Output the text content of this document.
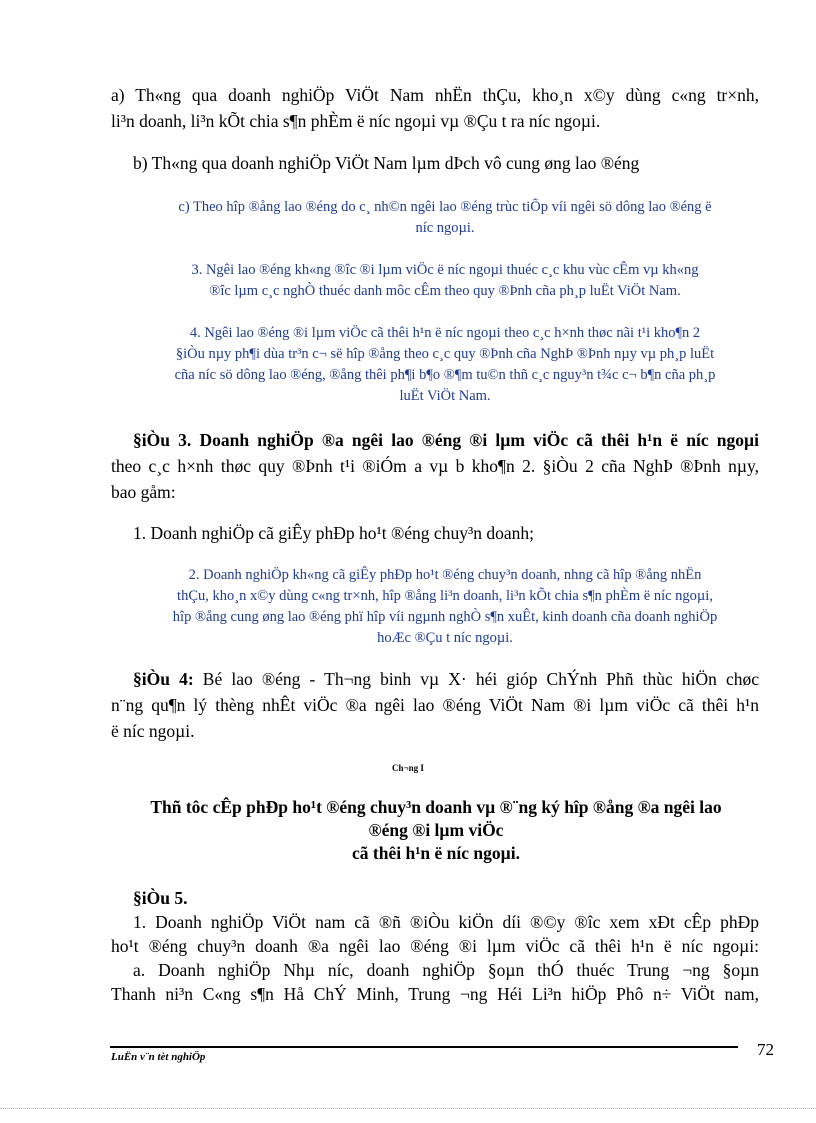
a) Th«ng qua doanh nghiÖp ViÖt Nam nhËn thÇu, kho¸n x©y dùng c«ng tr×nh,

li³n doanh, li³n kÕt chia s¶n phÈm ë níc ngoµi vµ ®Çu t ra níc ngoµi.

b) Th«ng qua doanh nghiÖp ViÖt Nam lµm dÞch vô cung øng lao ®éng

c) Theo hîp ®ång lao ®éng do c¸ nh©n ngêi lao ®éng trùc tiÕp víi ngêi sö dông lao ®éng ë

níc ngoµi.

3. Ngêi lao ®éng kh«ng ®îc ®i lµm viÖc ë níc ngoµi thuéc c¸c khu vùc cÊm vµ kh«ng

®îc lµm c¸c nghÒ thuéc danh môc cÊm theo quy ®Þnh cña ph¸p luËt ViÖt Nam.

4. Ngêi lao ®éng ®i lµm viÖc cã thêi h¹n ë níc ngoµi theo c¸c h×nh thøc nãi t¹i kho¶n 2

§iÒu nµy ph¶i dùa tr³n c¬ së hîp ®ång theo c¸c quy ®Þnh cña NghÞ ®Þnh nµy vµ ph¸p luËt

cña níc sö dông lao ®éng, ®ång thêi ph¶i b¶o ®¶m tu©n thñ c¸c nguy³n t¾c c¬ b¶n cña ph¸p

luËt ViÖt Nam.

§iÒu 3. Doanh nghiÖp ®a ngêi lao ®éng ®i lµm viÖc cã thêi h¹n ë níc ngoµi

theo c¸c h×nh thøc quy ®Þnh t¹i ®iÓm a vµ b kho¶n 2. §iÒu 2 cña NghÞ ®Þnh nµy,

bao gåm:

1. Doanh nghiÖp cã giÊy phÐp ho¹t ®éng chuy³n doanh;

2. Doanh nghiÖp kh«ng cã giÊy phÐp ho¹t ®éng chuy³n doanh, nhng cã hîp ®ång nhËn

thÇu, kho¸n x©y dùng c«ng tr×nh, hîp ®ång li³n doanh, li³n kÕt chia s¶n phÈm ë níc ngoµi,

hîp ®ång cung øng lao ®éng phï hîp víi ngµnh nghÒ s¶n xuÊt, kinh doanh cña doanh nghiÖp

hoÆc ®Çu t níc ngoµi.

§iÒu 4: Bé lao ®éng - Th¬ng binh vµ X· héi gióp ChÝnh Phñ thùc hiÖn chøc

n¨ng qu¶n lý thèng nhÊt viÖc ®a ngêi lao ®éng ViÖt Nam ®i lµm viÖc cã thêi h¹n

ë níc ngoµi.

Ch¬ng I
Thñ tôc cÊp phÐp ho¹t ®éng chuy³n doanh vµ ®¨ng ký hîp ®ång ®a ngêi lao
®éng ®i lµm viÖc
cã thêi h¹n ë níc ngoµi.

§iÒu 5.

1. Doanh nghiÖp ViÖt nam cã ®ñ ®iÒu kiÖn díi ®©y ®îc xem xÐt cÊp phÐp

ho¹t ®éng chuy³n doanh ®a ngêi lao ®éng ®i lµm viÖc cã thêi h¹n ë níc ngoµi:

a. Doanh nghiÖp Nhµ níc, doanh nghiÖp §oµn thÓ thuéc Trung ¬ng §oµn

Thanh ni³n C«ng s¶n Hå ChÝ Minh, Trung ¬ng Héi Li³n hiÖp Phô n÷ ViÖt nam,

LuËn v¨n tèt nghiÖp	72
